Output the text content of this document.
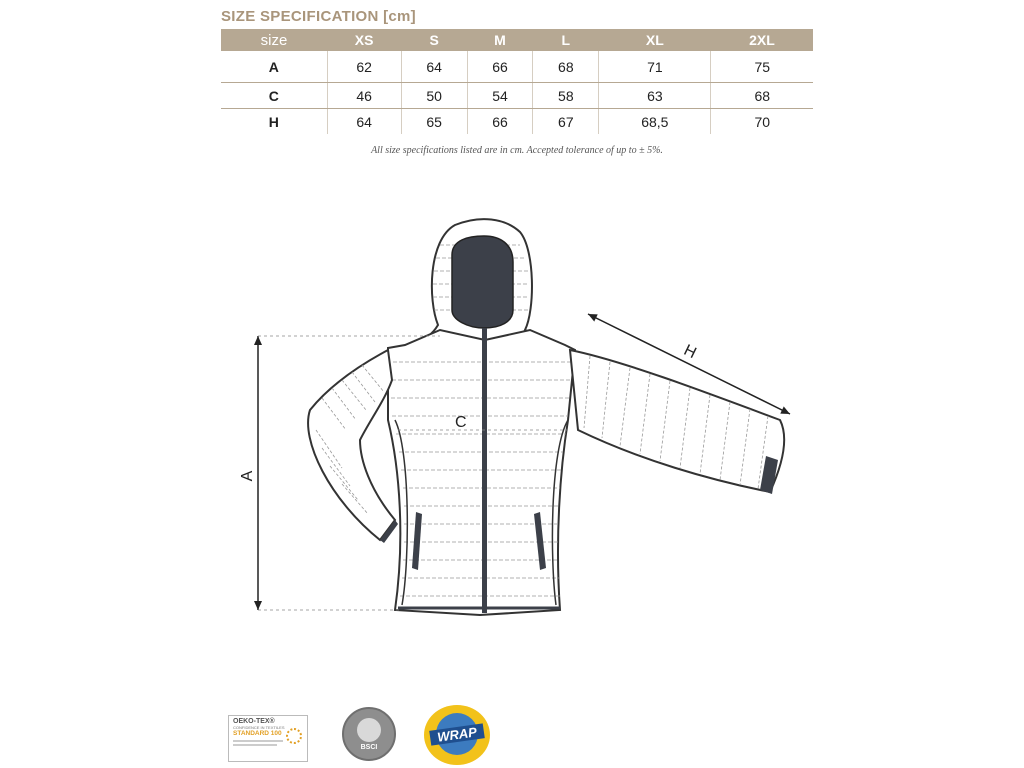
SIZE SPECIFICATION [cm]
size	XS	S	M	L	XL	2XL
A	62	64	66	68	71	75
C	46	50	54	58	63	68
H	64	65	66	67	68,5	70
All size specifications listed are in cm. Accepted tolerance of up to ± 5%.
A
C
H
OEKO-TEX®
CONFIDENCE IN TEXTILES
STANDARD 100
BSCI
WRAP
